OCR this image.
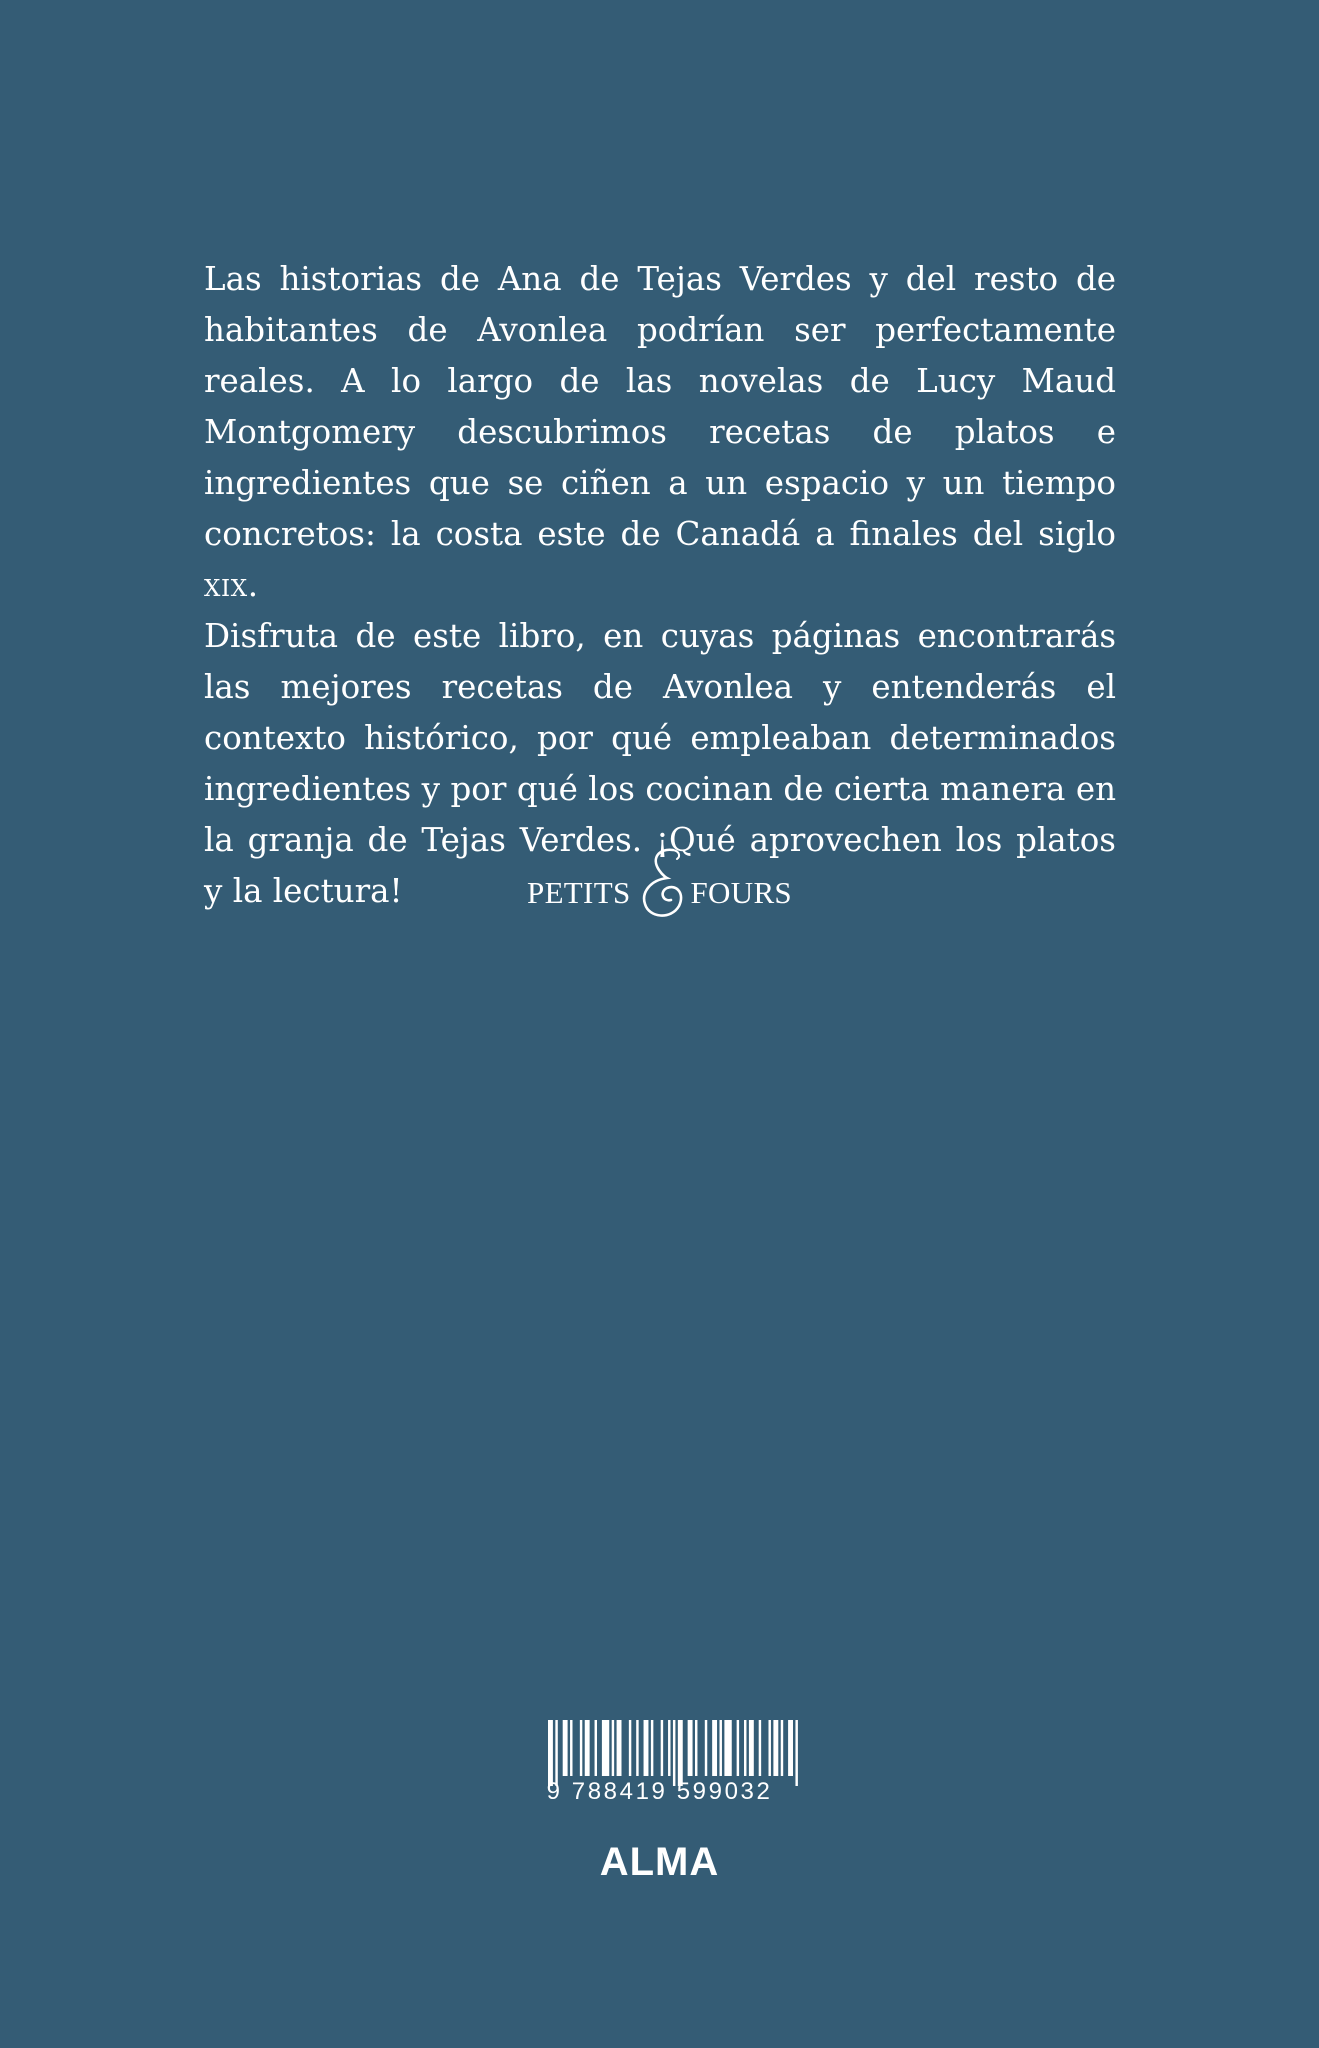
Las historias de Ana de Tejas Verdes y del resto de habitantes de Avonlea podrían ser perfectamente reales. A lo largo de las novelas de Lucy Maud Montgomery descubrimos recetas de platos e ingredientes que se ciñen a un espacio y un tiempo concretos: la costa este de Canadá a finales del siglo xix.

Disfruta de este libro, en cuyas páginas encontrarás las mejores recetas de Avonlea y entenderás el contexto histórico, por qué empleaban determinados ingredientes y por qué los cocinan de cierta manera en la granja de Tejas Verdes. ¡Qué aprovechen los platos y la lectura!	PETITS FOURS
9 788419 599032
ALMA
